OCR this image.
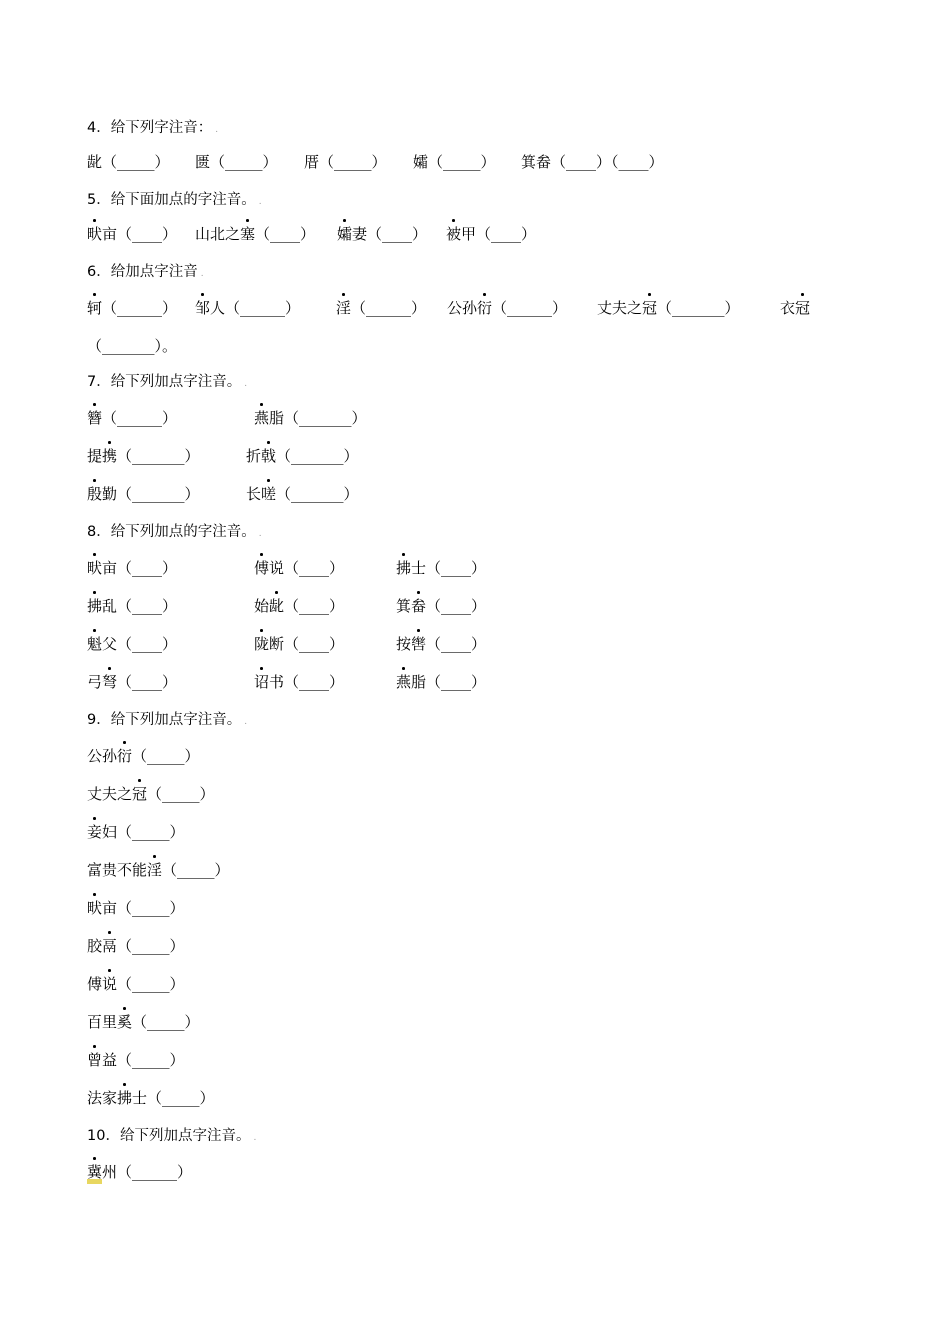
4．给下列字注音： .
龀（_____） 匮（_____） 厝（_____） 孀（_____） 箕畚（____）（____）
5．给下面加点的字注音。 .
畎亩（____） 山北之塞（____） 孀妻（____） 被甲（____）
6．给加点字注音 .
轲（______） 邹人（______） 淫（______） 公孙衍（______） 丈夫之冠（_______）	衣冠
（_______）。
7．给下列加点字注音。 .
簪（______）	燕脂（_______）
提携（_______）	折戟（_______）
殷勤（_______）	长嗟（_______）
8．给下列加点的字注音。 .
畎亩（____）	傅说（____）	拂士（____）
拂乱（____）	始龀（____）	箕畚（____）
魁父（____）	陇断（____）	按辔（____）
弓弩（____）	诏书（____）	燕脂（____）
9．给下列加点字注音。 .
公孙衍（_____）
丈夫之冠（_____）
妾妇（_____）
富贵不能淫（_____）
畎亩（_____）
胶鬲（_____）
傅说（_____）
百里奚（_____）
曾益（_____）
法家拂士（_____）
10．给下列加点字注音。 .
冀州（______）
